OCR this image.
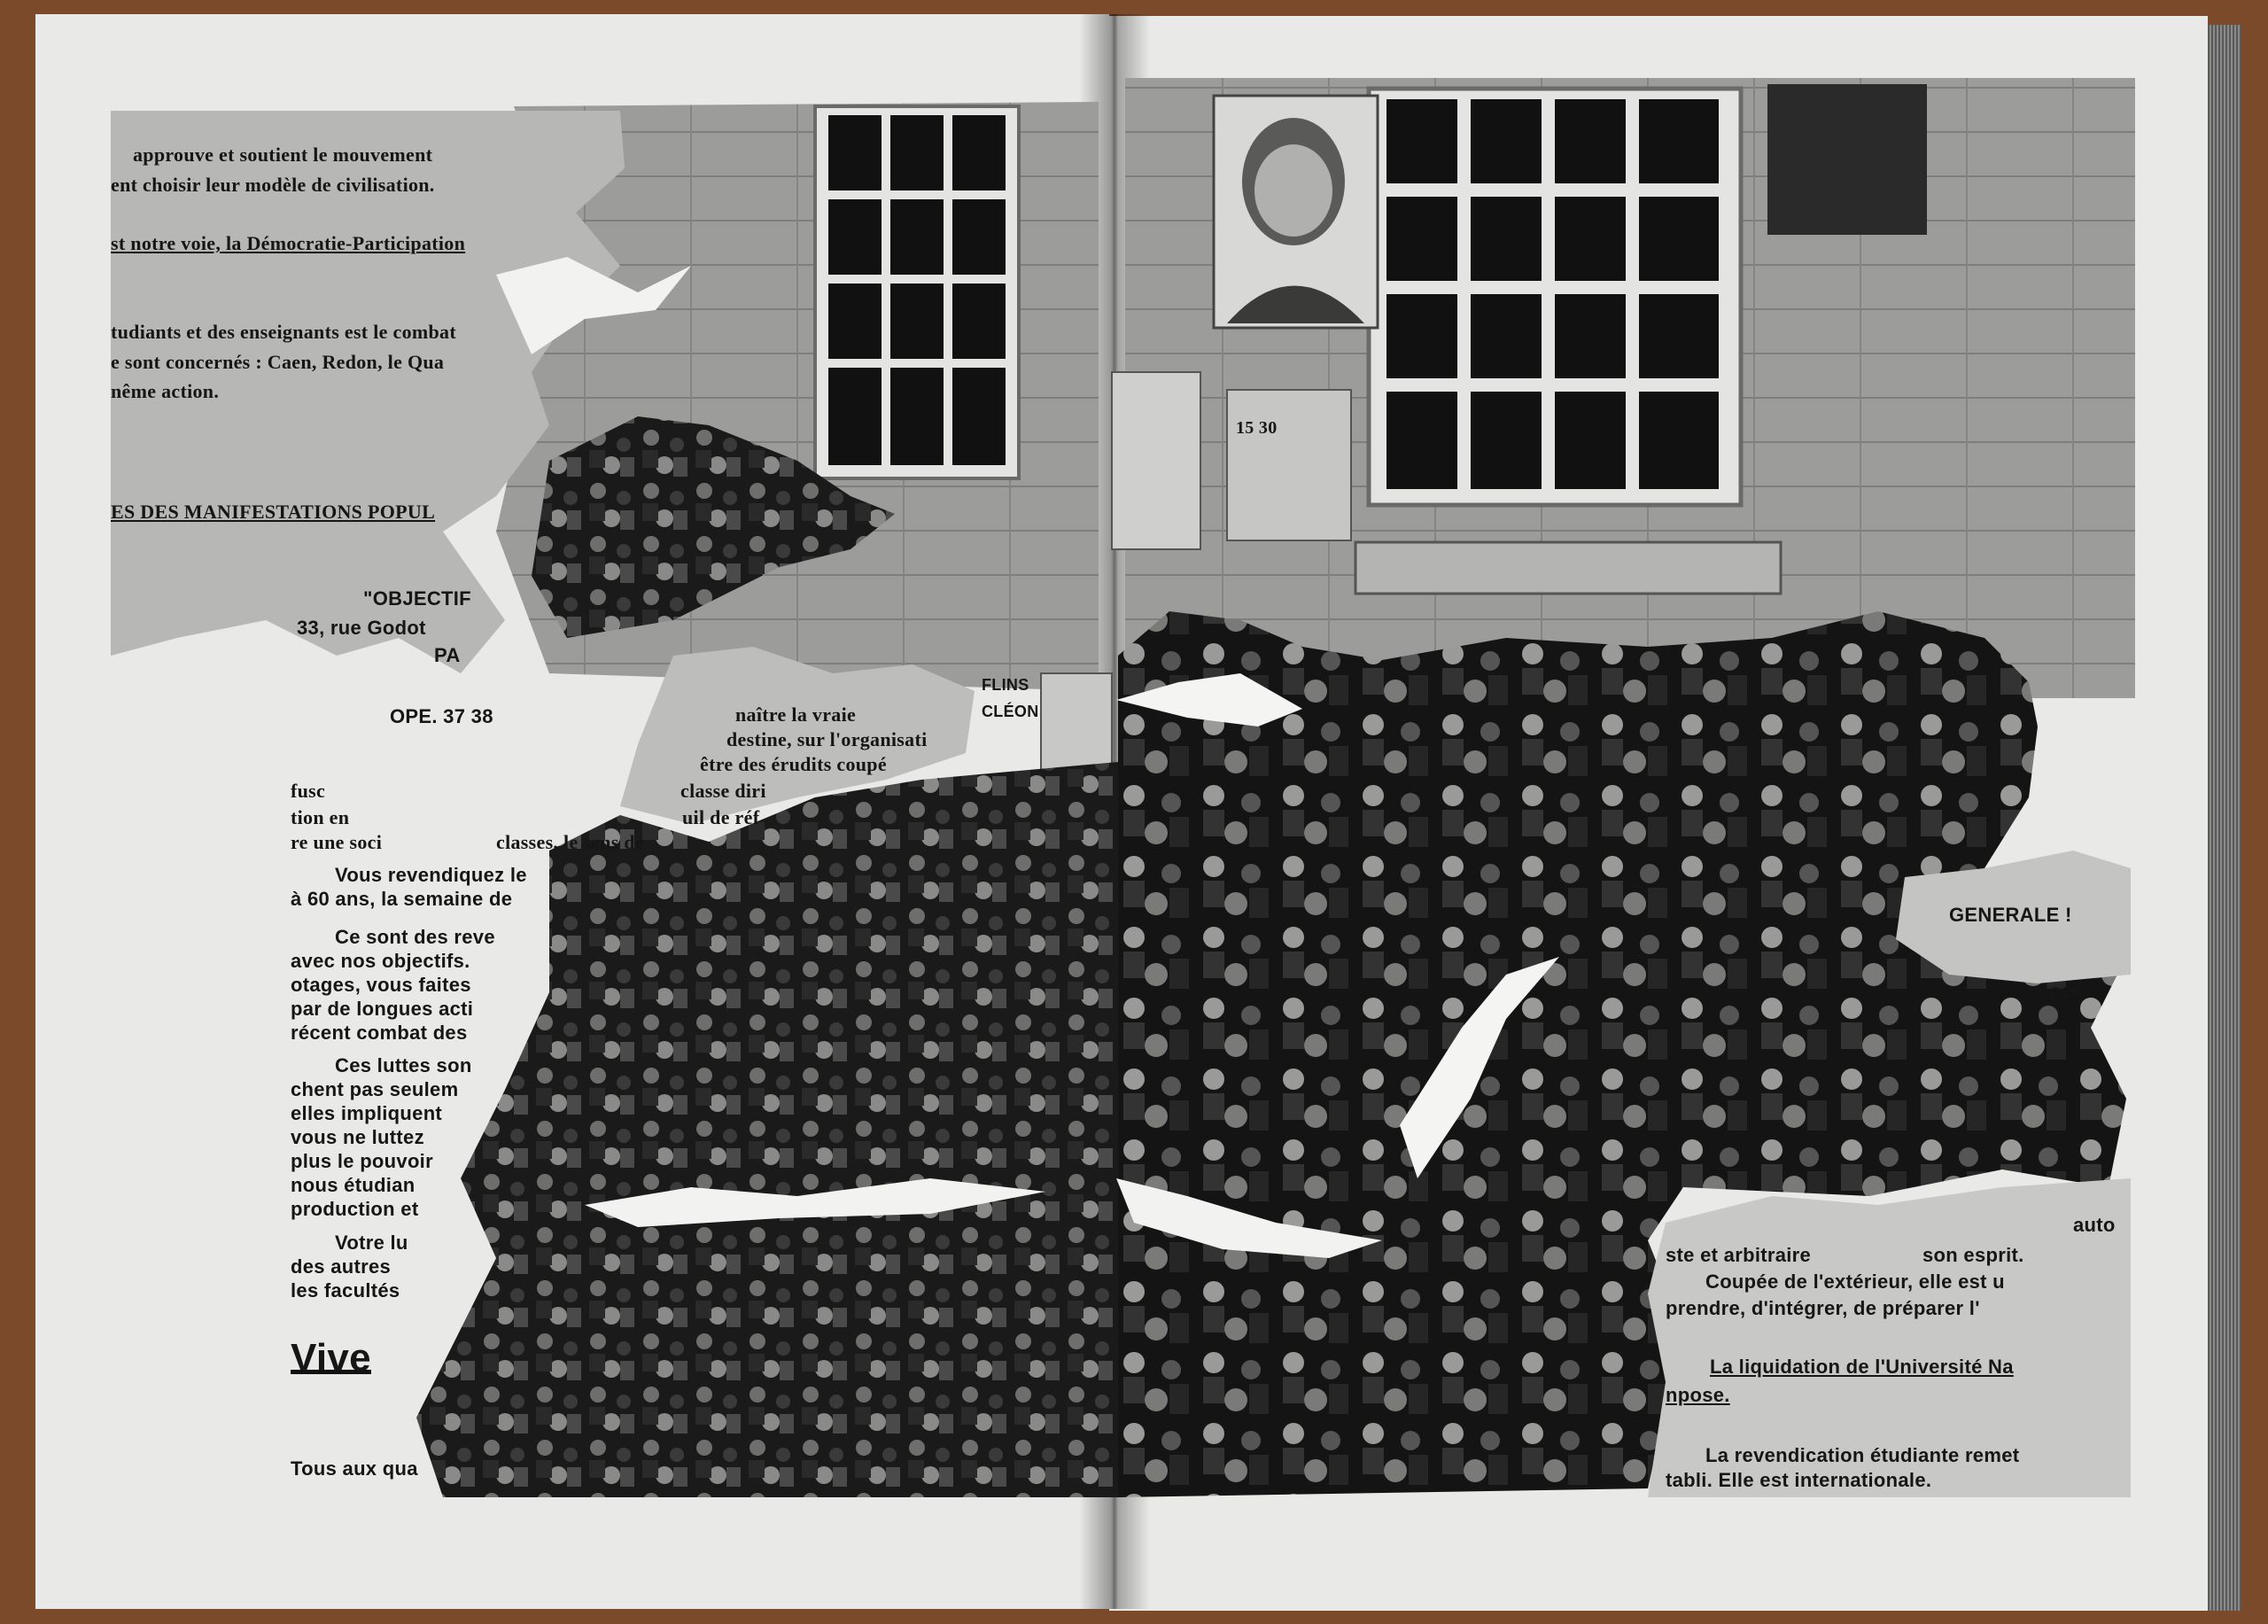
approuve et soutient le mouvement
ent choisir leur modèle de civilisation.
st notre voie, la Démocratie-Participation
tudiants et des enseignants est le combat
e sont concernés : Caen, Redon, le Qua
nême action.
ES DES MANIFESTATIONS POPUL
"OBJECTIF
33, rue Godot
PA
OPE. 37 38	naître la vraie
destine, sur l'organisati
être des érudits coupé
fusc	classe diri
tion en	uil de réf
re une soci	classes, le sens de
Vous revendiquez le
à 60 ans, la semaine de
Ce sont des reve
avec nos objectifs.
otages, vous faites
par de longues acti
récent combat des
Ces luttes son
chent pas seulem
elles impliquent
vous ne luttez
plus le pouvoir
nous étudian
production et
Votre lu
des autres
les facultés
Vive
Tous aux qua
FLINS
CLÉON
15 30
GENERALE !
nces
auto
ste et arbitraire	son esprit.
Coupée de l'extérieur, elle est u
prendre, d'intégrer, de préparer l'
La liquidation de l'Université Na
npose.
La revendication étudiante remet
tabli. Elle est internationale.
